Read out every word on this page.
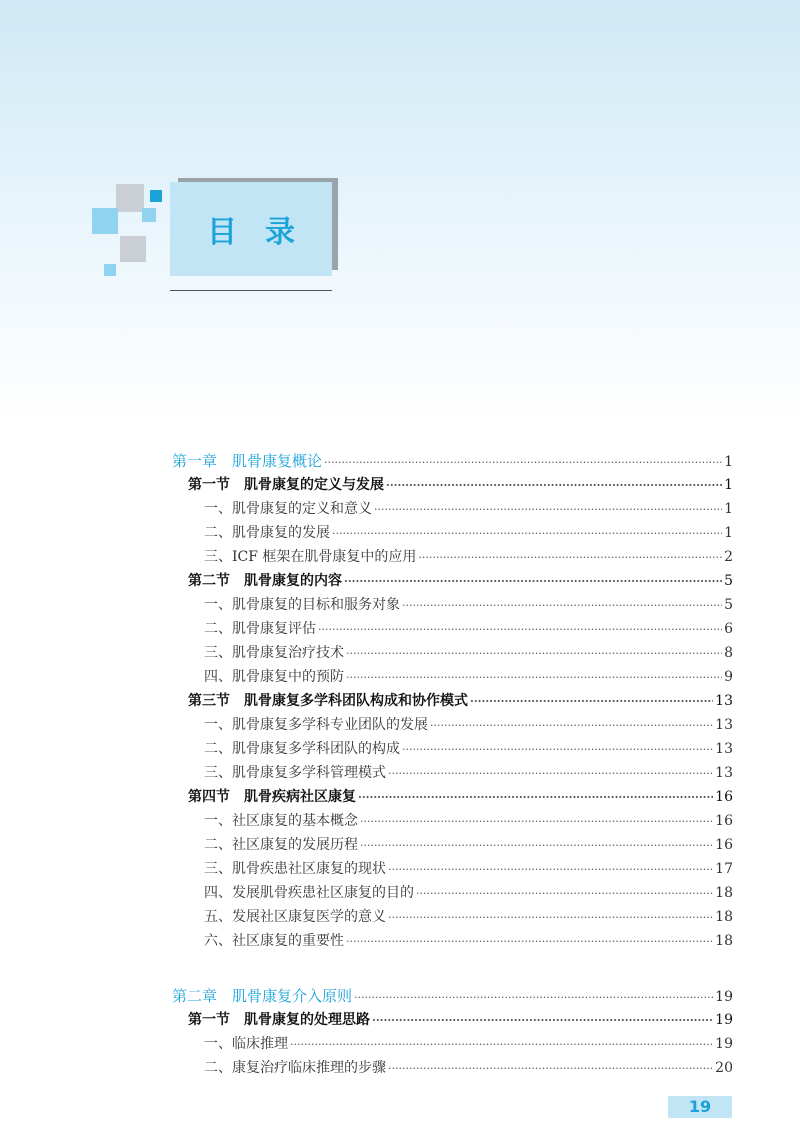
目录
第一章　肌骨康复概论 ·····	1
第一节　肌骨康复的定义与发展 ·····	1
一、肌骨康复的定义和意义 ·····	1
二、肌骨康复的发展 ·····	1
三、ICF 框架在肌骨康复中的应用 ·····	2
第二节　肌骨康复的内容 ·····	5
一、肌骨康复的目标和服务对象 ·····	5
二、肌骨康复评估 ·····	6
三、肌骨康复治疗技术 ·····	8
四、肌骨康复中的预防 ·····	9
第三节　肌骨康复多学科团队构成和协作模式 ·····	13
一、肌骨康复多学科专业团队的发展 ·····	13
二、肌骨康复多学科团队的构成 ·····	13
三、肌骨康复多学科管理模式 ·····	13
第四节　肌骨疾病社区康复 ·····	16
一、社区康复的基本概念 ·····	16
二、社区康复的发展历程 ·····	16
三、肌骨疾患社区康复的现状 ·····	17
四、发展肌骨疾患社区康复的目的 ·····	18
五、发展社区康复医学的意义 ·····	18
六、社区康复的重要性 ·····	18
第二章　肌骨康复介入原则 ·····	19
第一节　肌骨康复的处理思路 ·····	19
一、临床推理 ·····	19
二、康复治疗临床推理的步骤 ·····	20
19
